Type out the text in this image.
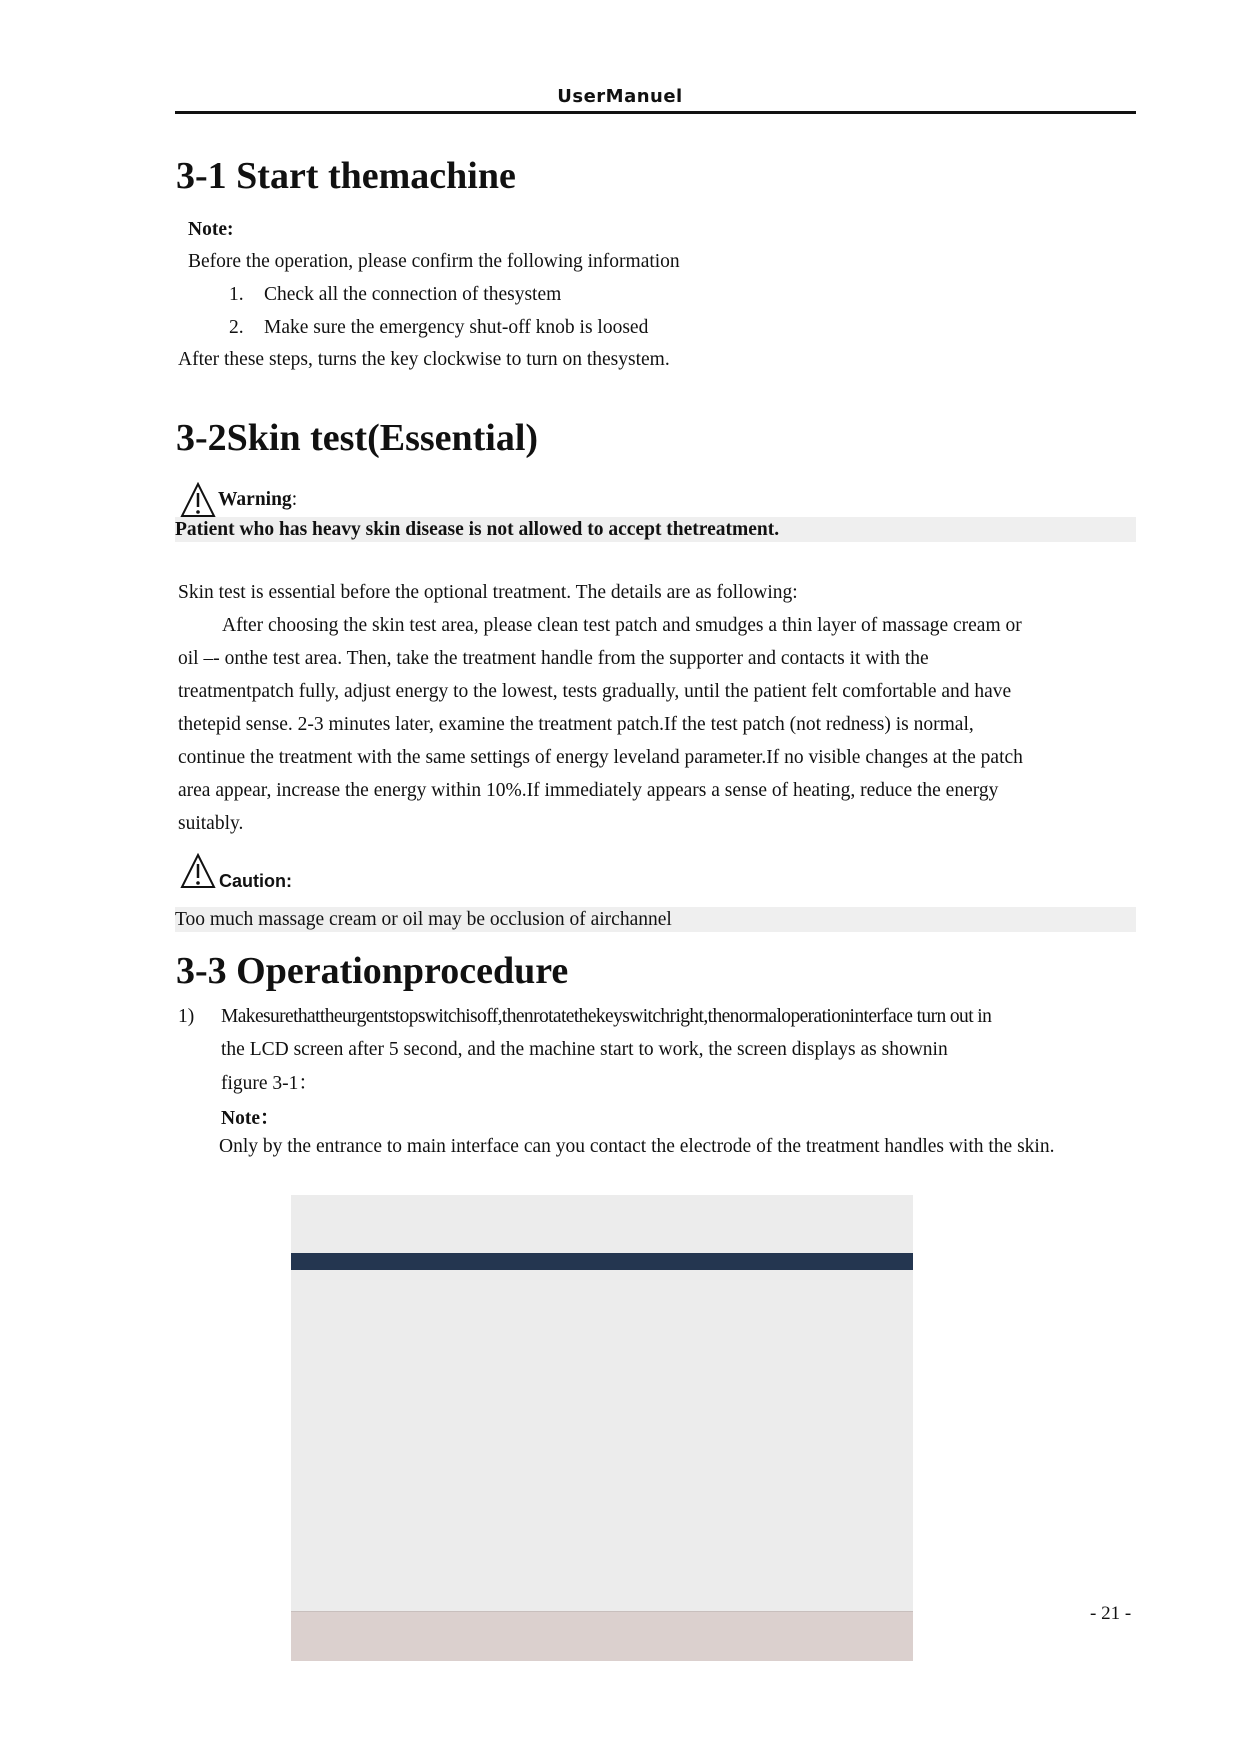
UserManuel
3-1 Start themachine
Note:
Before the operation, please confirm the following information
1. Check all the connection of thesystem
2. Make sure the emergency shut-off knob is loosed
After these steps, turns the key clockwise to turn on thesystem.
3-2Skin test(Essential)
Warning:
Patient who has heavy skin disease is not allowed to accept thetreatment.
Skin test is essential before the optional treatment. The details are as following:
After choosing the skin test area, please clean test patch and smudges a thin layer of massage cream or
oil –- onthe test area. Then, take the treatment handle from the supporter and contacts it with the
treatmentpatch fully, adjust energy to the lowest, tests gradually, until the patient felt comfortable and have
thetepid sense. 2-3 minutes later, examine the treatment patch.If the test patch (not redness) is normal,
continue the treatment with the same settings of energy leveland parameter.If no visible changes at the patch
area appear, increase the energy within 10%.If immediately appears a sense of heating, reduce the energy
suitably.
Caution:
Too much massage cream or oil may be occlusion of airchannel
3-3 Operationprocedure
1) Makesurethattheurgentstopswitchisoff,thenrotatethekeyswitchright,thenormaloperationinterface turn out in
the LCD screen after 5 second, and the machine start to work, the screen displays as shownin
figure 3-1：
Note：
Only by the entrance to main interface can you contact the electrode of the treatment handles with the skin.
- 21 -
